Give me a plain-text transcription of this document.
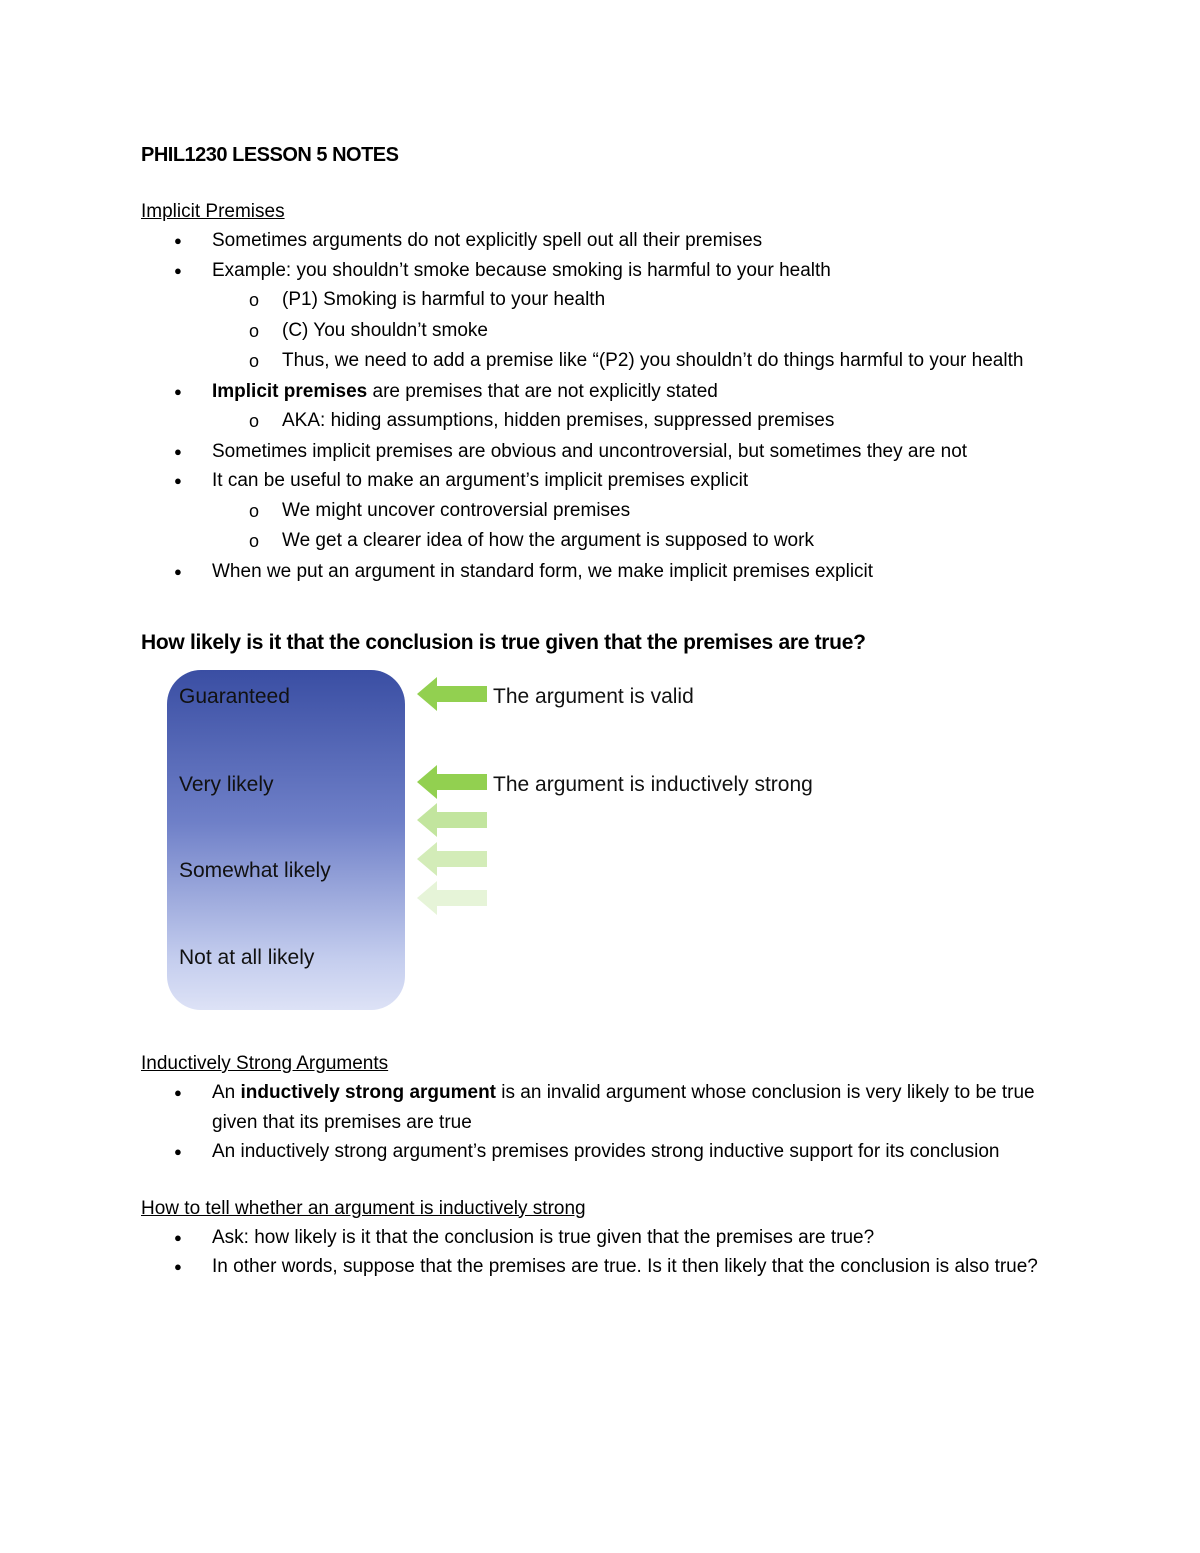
PHIL1230 LESSON 5 NOTES

Implicit Premises

● Sometimes arguments do not explicitly spell out all their premises
● Example: you shouldn’t smoke because smoking is harmful to your health
o (P1) Smoking is harmful to your health
o (C) You shouldn’t smoke
o Thus, we need to add a premise like “(P2) you shouldn’t do things harmful to your health
● Implicit premises are premises that are not explicitly stated
o AKA: hiding assumptions, hidden premises, suppressed premises
● Sometimes implicit premises are obvious and uncontroversial, but sometimes they are not
● It can be useful to make an argument’s implicit premises explicit
o We might uncover controversial premises
o We get a clearer idea of how the argument is supposed to work
● When we put an argument in standard form, we make implicit premises explicit

How likely is it that the conclusion is true given that the premises are true?

Guaranteed
Very likely
Somewhat likely
Not at all likely
The argument is valid
The argument is inductively strong

Inductively Strong Arguments

● An inductively strong argument is an invalid argument whose conclusion is very likely to be true given that its premises are true
● An inductively strong argument’s premises provides strong inductive support for its conclusion

How to tell whether an argument is inductively strong

● Ask: how likely is it that the conclusion is true given that the premises are true?
● In other words, suppose that the premises are true. Is it then likely that the conclusion is also true?
